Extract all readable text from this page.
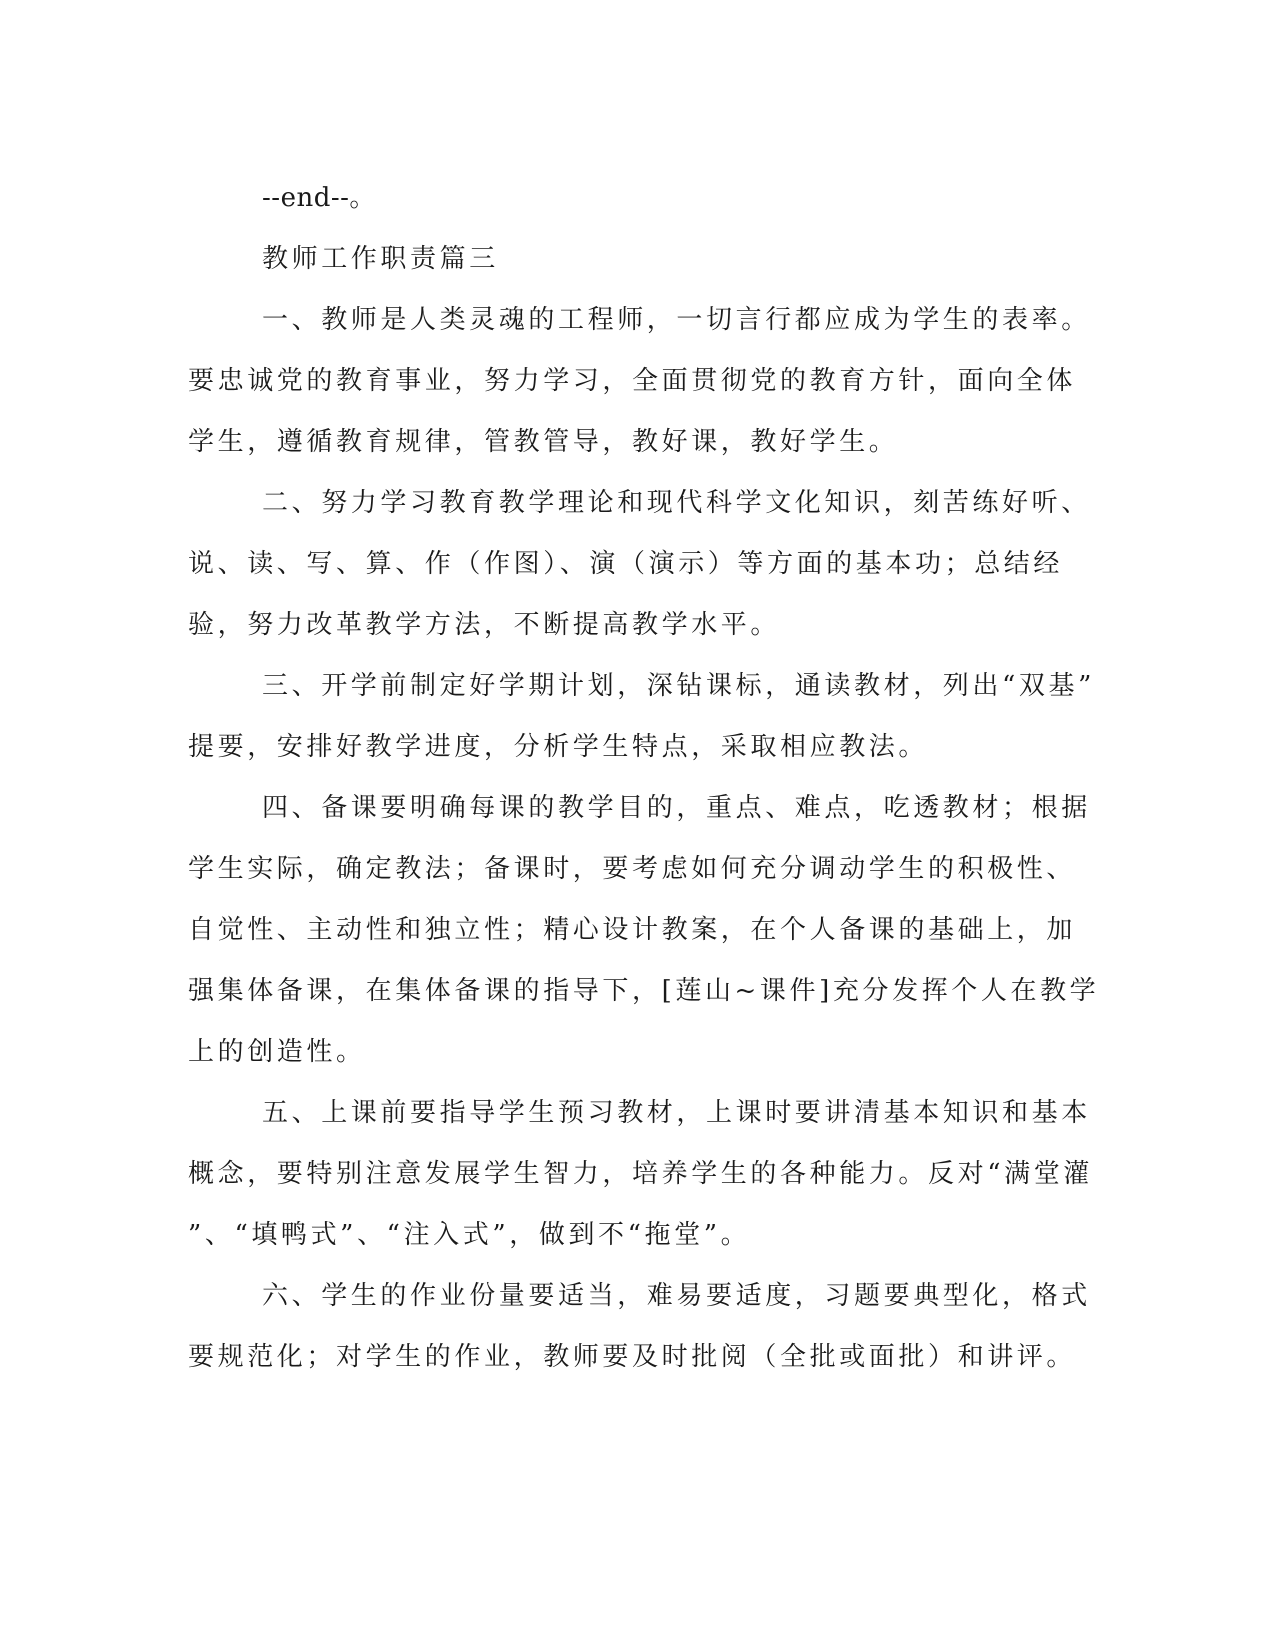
--end--。
教师工作职责篇三
一、教师是人类灵魂的工程师，一切言行都应成为学生的表率。
要忠诚党的教育事业，努力学习，全面贯彻党的教育方针，面向全体
学生，遵循教育规律，管教管导，教好课，教好学生。
二、努力学习教育教学理论和现代科学文化知识，刻苦练好听、
说、读、写、算、作（作图）、演（演示）等方面的基本功；总结经
验，努力改革教学方法，不断提高教学水平。
三、开学前制定好学期计划，深钻课标，通读教材，列出“双基”
提要，安排好教学进度，分析学生特点，采取相应教法。
四、备课要明确每课的教学目的，重点、难点，吃透教材；根据
学生实际，确定教法；备课时，要考虑如何充分调动学生的积极性、
自觉性、主动性和独立性；精心设计教案，在个人备课的基础上，加
强集体备课，在集体备课的指导下，[莲山~课件]充分发挥个人在教学
上的创造性。
五、上课前要指导学生预习教材，上课时要讲清基本知识和基本
概念，要特别注意发展学生智力，培养学生的各种能力。反对“满堂灌
”、“填鸭式”、“注入式”，做到不“拖堂”。
六、学生的作业份量要适当，难易要适度，习题要典型化，格式
要规范化；对学生的作业，教师要及时批阅（全批或面批）和讲评。
